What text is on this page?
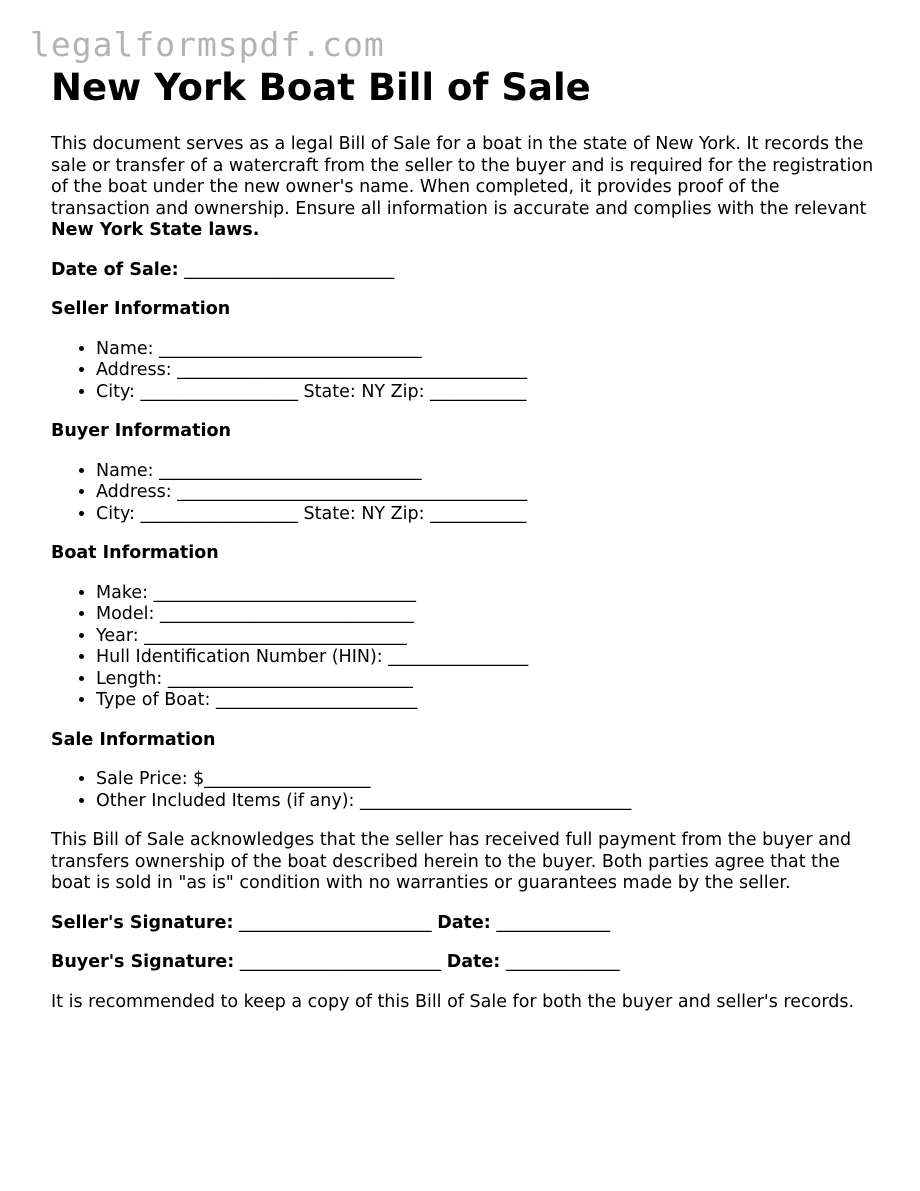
legalformspdf.com
New York Boat Bill of Sale

This document serves as a legal Bill of Sale for a boat in the state of New York. It records the sale or transfer of a watercraft from the seller to the buyer and is required for the registration of the boat under the new owner's name. When completed, it provides proof of the transaction and ownership. Ensure all information is accurate and complies with the relevant New York State laws.

Date of Sale: ________________________
Seller Information
• Name: ______________________________
• Address: ________________________________________
• City: __________________ State: NY Zip: ___________
Buyer Information
• Name: ______________________________
• Address: ________________________________________
• City: __________________ State: NY Zip: ___________
Boat Information
• Make: ______________________________
• Model: _____________________________
• Year: ______________________________
• Hull Identification Number (HIN): ________________
• Length: ____________________________
• Type of Boat: _______________________
Sale Information
• Sale Price: $___________________
• Other Included Items (if any): _______________________________

This Bill of Sale acknowledges that the seller has received full payment from the buyer and transfers ownership of the boat described herein to the buyer. Both parties agree that the boat is sold in "as is" condition with no warranties or guarantees made by the seller.

Seller's Signature: ______________________ Date: _____________
Buyer's Signature: _______________________ Date: _____________

It is recommended to keep a copy of this Bill of Sale for both the buyer and seller's records.
